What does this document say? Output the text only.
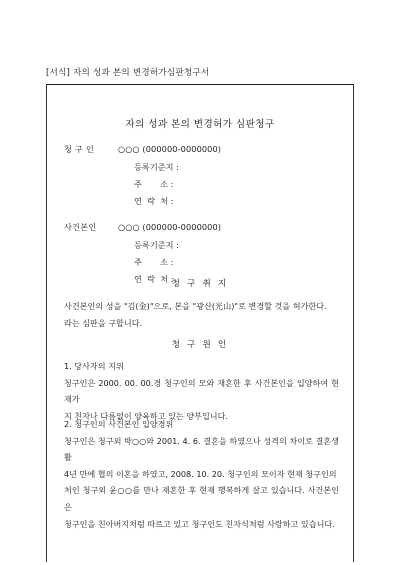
[서식] 자의 성과 본의 변경허가심판청구서
자의 성과 본의 변경허가 심판청구
청 구 인	○○○ (000000-0000000)
등록기준지 :
주       소 :
연  락  처 :
사건본인	○○○ (000000-0000000)
등록기준지 :
주       소 :
연  락  처 :
청 구 취 지

사건본인의 성을 "김(金)"으로, 본을 "광산(光山)"로 변경할 것을 허가한다.

라는 심판을 구합니다.

청 구 원 인

1. 당사자의 지위

청구인은 2000. 00. 00.경 청구인의 모와 재혼한 후 사건본인을 입양하여 현재가

지 친자나 다름없이 양육하고 있는 양부입니다.

2. 청구인의 사건본인 입양경위

청구인은 청구외 박○○와 2001. 4. 6. 결혼을 하였으나 성격의 차이로 결혼생활

4년 만에 협의 이혼을 하였고, 2008. 10. 20. 청구인의 모이자 현재 청구인의

처인 청구외 윤○○를 만나 재혼한 후 현재 행복하게 살고 있습니다. 사건본인은

청구인을 친아버지처럼 따르고 있고 청구인도 친자식처럼 사랑하고 있습니다.
